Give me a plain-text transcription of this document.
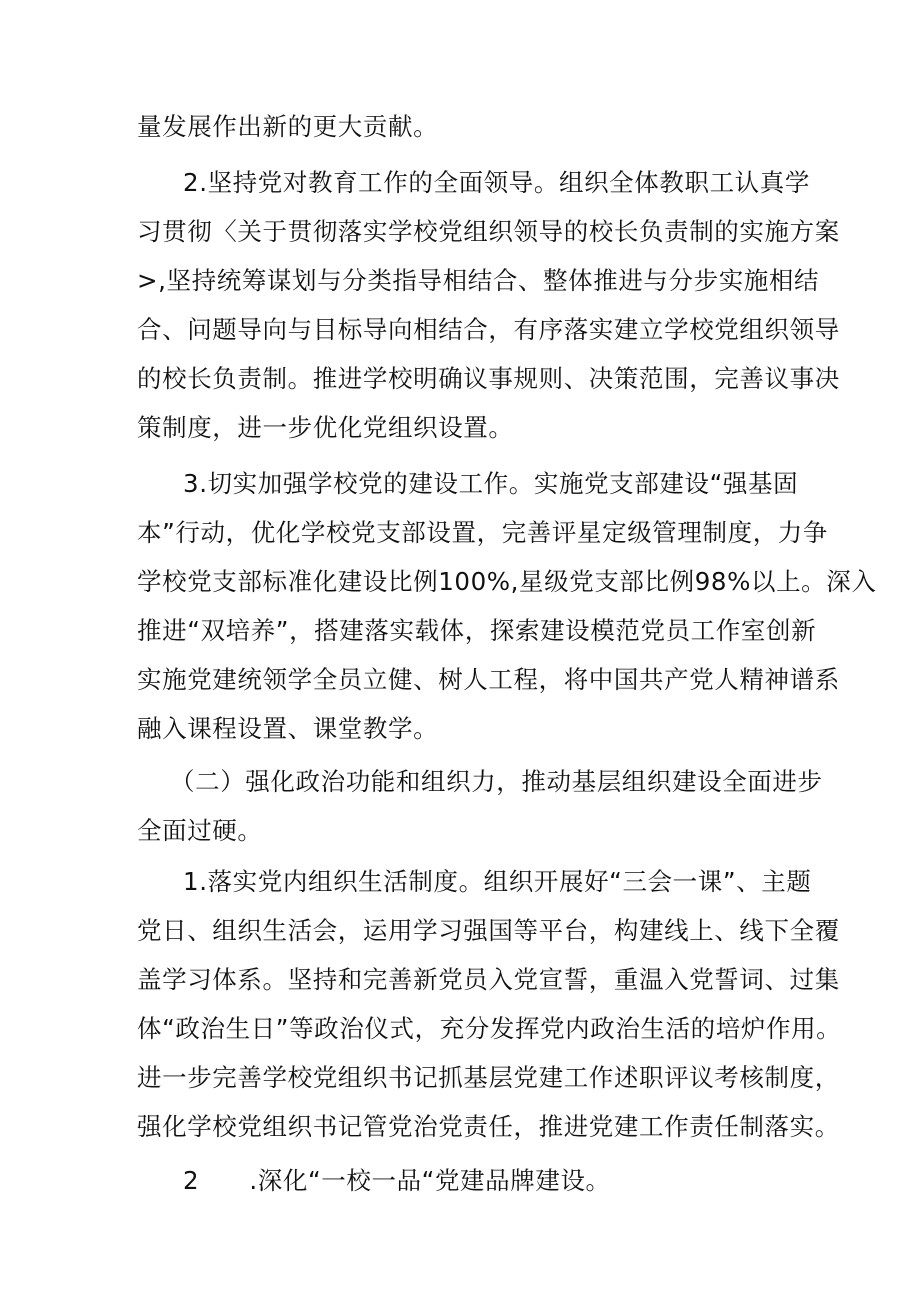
量发展作出新的更大贡献。
2.坚持党对教育工作的全面领导。组织全体教职工认真学
习贯彻〈关于贯彻落实学校党组织领导的校长负责制的实施方案
>,坚持统筹谋划与分类指导相结合、整体推进与分步实施相结
合、问题导向与目标导向相结合，有序落实建立学校党组织领导
的校长负责制。推进学校明确议事规则、决策范围，完善议事决
策制度，进一步优化党组织设置。
3.切实加强学校党的建设工作。实施党支部建设“强基固
本”行动，优化学校党支部设置，完善评星定级管理制度，力争
学校党支部标准化建设比例100%,星级党支部比例98%以上。深入
推进“双培养”，搭建落实载体，探索建设模范党员工作室创新
实施党建统领学全员立健、树人工程，将中国共产党人精神谱系
融入课程设置、课堂教学。
（二）强化政治功能和组织力，推动基层组织建设全面进步
全面过硬。
1.落实党内组织生活制度。组织开展好“三会一课”、主题
党日、组织生活会，运用学习强国等平台，构建线上、线下全覆
盖学习体系。坚持和完善新党员入党宣誓，重温入党誓词、过集
体“政治生日”等政治仪式，充分发挥党内政治生活的培炉作用。
进一步完善学校党组织书记抓基层党建工作述职评议考核制度，
强化学校党组织书记管党治党责任，推进党建工作责任制落实。
2　　.深化“一校一品“党建品牌建设。
